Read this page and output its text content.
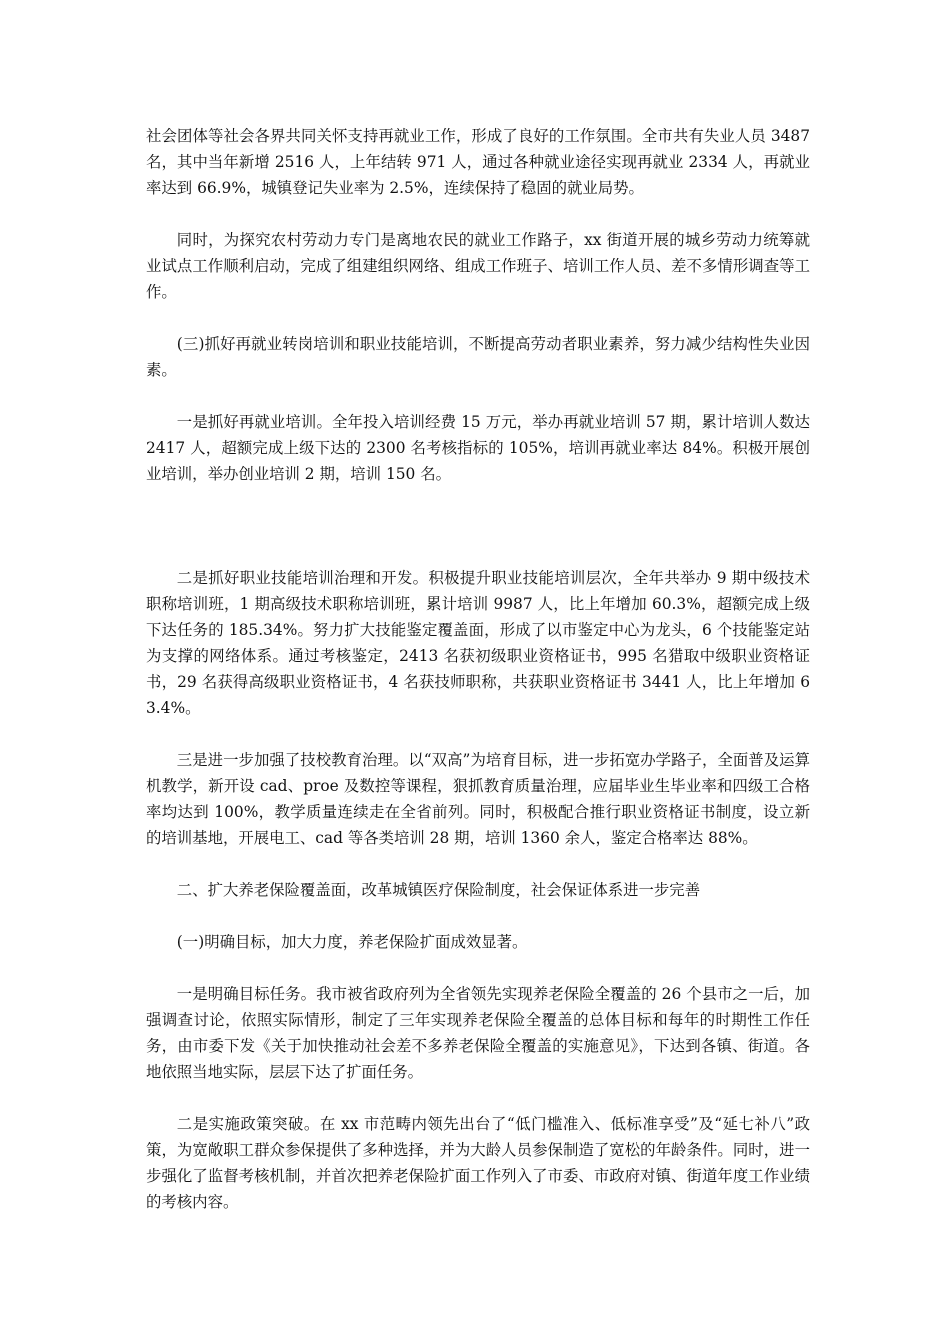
社会团体等社会各界共同关怀支持再就业工作，形成了良好的工作氛围。全市共有失业人员 3487 名，其中当年新增 2516 人，上年结转 971 人，通过各种就业途径实现再就业 2334 人，再就业率达到 66.9%，城镇登记失业率为 2.5%，连续保持了稳固的就业局势。

同时，为探究农村劳动力专门是离地农民的就业工作路子，xx 街道开展的城乡劳动力统筹就业试点工作顺利启动，完成了组建组织网络、组成工作班子、培训工作人员、差不多情形调查等工作。

(三)抓好再就业转岗培训和职业技能培训，不断提高劳动者职业素养，努力减少结构性失业因素。

一是抓好再就业培训。全年投入培训经费 15 万元，举办再就业培训 57 期，累计培训人数达 2417 人，超额完成上级下达的 2300 名考核指标的 105%，培训再就业率达 84%。积极开展创业培训，举办创业培训 2 期，培训 150 名。

二是抓好职业技能培训治理和开发。积极提升职业技能培训层次，全年共举办 9 期中级技术职称培训班，1 期高级技术职称培训班，累计培训 9987 人，比上年增加 60.3%，超额完成上级下达任务的 185.34%。努力扩大技能鉴定覆盖面，形成了以市鉴定中心为龙头，6 个技能鉴定站为支撑的网络体系。通过考核鉴定，2413 名获初级职业资格证书，995 名猎取中级职业资格证书，29 名获得高级职业资格证书，4 名获技师职称，共获职业资格证书 3441 人，比上年增加 63.4%。

三是进一步加强了技校教育治理。以“双高”为培育目标，进一步拓宽办学路子，全面普及运算机教学，新开设 cad、proe 及数控等课程，狠抓教育质量治理，应届毕业生毕业率和四级工合格率均达到 100%，教学质量连续走在全省前列。同时，积极配合推行职业资格证书制度，设立新的培训基地，开展电工、cad 等各类培训 28 期，培训 1360 余人，鉴定合格率达 88%。

二、扩大养老保险覆盖面，改革城镇医疗保险制度，社会保证体系进一步完善

(一)明确目标，加大力度，养老保险扩面成效显著。

一是明确目标任务。我市被省政府列为全省领先实现养老保险全覆盖的 26 个县市之一后，加强调查讨论，依照实际情形，制定了三年实现养老保险全覆盖的总体目标和每年的时期性工作任务，由市委下发《关于加快推动社会差不多养老保险全覆盖的实施意见》，下达到各镇、街道。各地依照当地实际，层层下达了扩面任务。

二是实施政策突破。在 xx 市范畴内领先出台了“低门槛准入、低标准享受”及“延七补八”政策，为宽敞职工群众参保提供了多种选择，并为大龄人员参保制造了宽松的年龄条件。同时，进一步强化了监督考核机制，并首次把养老保险扩面工作列入了市委、市政府对镇、街道年度工作业绩的考核内容。
